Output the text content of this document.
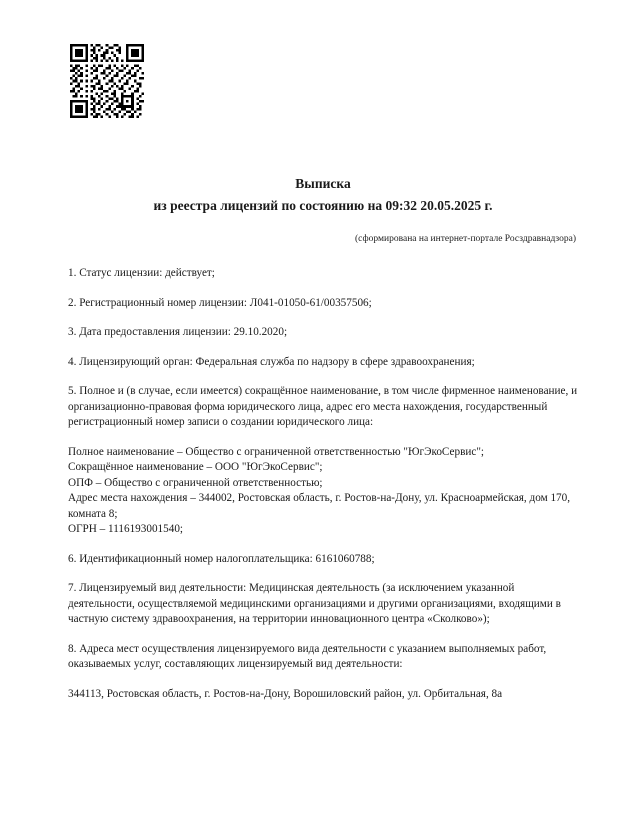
Выписка
из реестра лицензий по состоянию на 09:32 20.05.2025 г.
(сформирована на интернет-портале Росздравнадзора)

1. Статус лицензии: действует;

2. Регистрационный номер лицензии: Л041-01050-61/00357506;

3. Дата предоставления лицензии: 29.10.2020;

4. Лицензирующий орган: Федеральная служба по надзору в сфере здравоохранения;

5. Полное и (в случае, если имеется) сокращённое наименование, в том числе фирменное наименование, и организационно-правовая форма юридического лица, адрес его места нахождения, государственный регистрационный номер записи о создании юридического лица:

Полное наименование – Общество с ограниченной ответственностью "ЮгЭкоСервис";

Сокращённое наименование – ООО "ЮгЭкоСервис";

ОПФ – Общество с ограниченной ответственностью;

Адрес места нахождения – 344002, Ростовская область, г. Ростов-на-Дону, ул. Красноармейская, дом 170, комната 8;

ОГРН – 1116193001540;

6. Идентификационный номер налогоплательщика: 6161060788;

7. Лицензируемый вид деятельности: Медицинская деятельность (за исключением указанной деятельности, осуществляемой медицинскими организациями и другими организациями, входящими в частную систему здравоохранения, на территории инновационного центра «Сколково»);

8. Адреса мест осуществления лицензируемого вида деятельности с указанием выполняемых работ, оказываемых услуг, составляющих лицензируемый вид деятельности:

344113, Ростовская область, г. Ростов-на-Дону, Ворошиловский район, ул. Орбитальная, 8а
